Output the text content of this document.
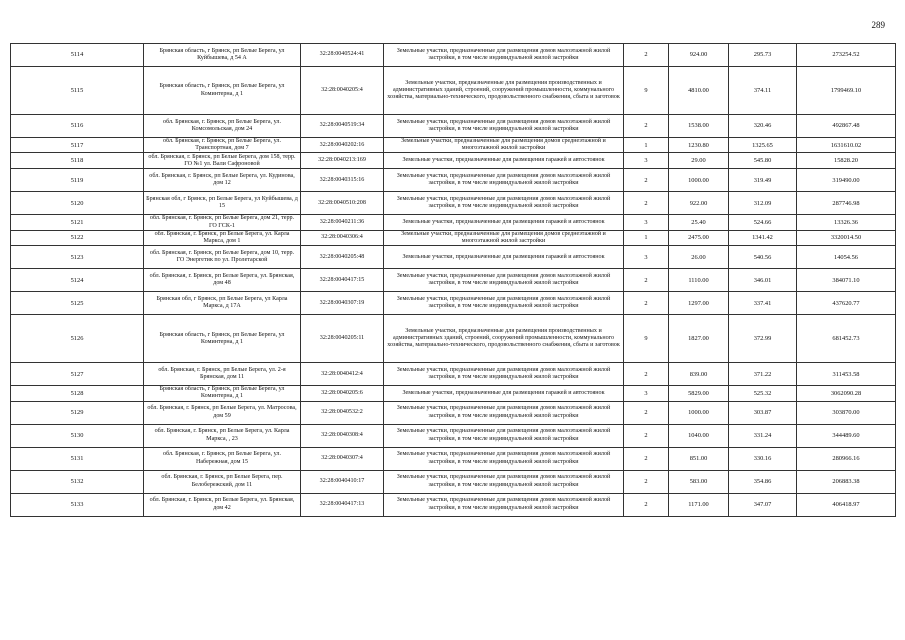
289
5114	Брянская область, г Брянск, рп Белые Берега, ул Куйбышева, д 54 А	32:28:0040524:41	Земельные участки, предназначенные для размещения домов малоэтажной жилой застройки, в том числе индивидуальной жилой застройки	2	924.00	295.73	273254.52
5115	Брянская область, г Брянск, рп Белые Берега, ул Коминтерна, д 1	32:28:0040205:4	Земельные участки, предназначенные для размещения производственных и административных зданий, строений, сооружений промышленности, коммунального хозяйства, материально-технического, продовольственного снабжения, сбыта и заготовок	9	4810.00	374.11	1799469.10
5116	обл. Брянская, г. Брянск, рп Белые Берега, ул. Комсомольская, дом 24	32:28:0040519:34	Земельные участки, предназначенные для размещения домов малоэтажной жилой застройки, в том числе индивидуальной жилой застройки	2	1538.00	320.46	492867.48
5117	обл. Брянская, г. Брянск, рп Белые Берега, ул. Транспортная, дом 7	32:28:0040202:16	Земельные участки, предназначенные для размещения домов среднеэтажной и многоэтажной жилой застройки	1	1230.80	1325.65	1631610.02
5118	обл. Брянская, г. Брянск, рп Белые Берега, дом 158, терр. ГО №1 ул. Вали Сафроновой	32:28:0040213:169	Земельные участки, предназначенные для размещения гаражей и автостоянок	3	29.00	545.80	15828.20
5119	обл. Брянская, г. Брянск, рп Белые Берега, ул. Кудинова, дом 12	32:28:0040315:16	Земельные участки, предназначенные для размещения домов малоэтажной жилой застройки, в том числе индивидуальной жилой застройки	2	1000.00	319.49	319490.00
5120	Брянская обл, г Брянск, рп Белые Берега, ул Куйбышева, д 15	32:28:0040510:208	Земельные участки, предназначенные для размещения домов малоэтажной жилой застройки, в том числе индивидуальной жилой застройки	2	922.00	312.09	287746.98
5121	обл. Брянская, г. Брянск, рп Белые Берега, дом 21, терр. ГО ГСК-1	32:28:0040211:36	Земельные участки, предназначенные для размещения гаражей и автостоянок	3	25.40	524.66	13326.36
5122	обл. Брянская, г. Брянск, рп Белые Берега, ул. Карла Маркса, дом 1	32:28:0040306:4	Земельные участки, предназначенные для размещения домов среднеэтажной и многоэтажной жилой застройки	1	2475.00	1341.42	3320014.50
5123	обл. Брянская, г. Брянск, рп Белые Берега, дом 10, терр. ГО Энергетик по ул. Пролетарской	32:28:0040205:48	Земельные участки, предназначенные для размещения гаражей и автостоянок	3	26.00	540.56	14054.56
5124	обл. Брянская, г. Брянск, рп Белые Берега, ул. Брянская, дом 48	32:28:0040417:15	Земельные участки, предназначенные для размещения домов малоэтажной жилой застройки, в том числе индивидуальной жилой застройки	2	1110.00	346.01	384071.10
5125	Брянская обл, г Брянск, рп Белые Берега, ул Карла Маркса, д 17А	32:28:0040307:19	Земельные участки, предназначенные для размещения домов малоэтажной жилой застройки, в том числе индивидуальной жилой застройки	2	1297.00	337.41	437620.77
5126	Брянская область, г Брянск, рп Белые Берега, ул Коминтерна, д 1	32:28:0040205:11	Земельные участки, предназначенные для размещения производственных и административных зданий, строений, сооружений промышленности, коммунального хозяйства, материально-технического, продовольственного снабжения, сбыта и заготовок	9	1827.00	372.99	681452.73
5127	обл. Брянская, г. Брянск, рп Белые Берега, ул. 2-я Брянская, дом 11	32:28:0040412:4	Земельные участки, предназначенные для размещения домов малоэтажной жилой застройки, в том числе индивидуальной жилой застройки	2	839.00	371.22	311453.58
5128	Брянская область, г Брянск, рп Белые Берега, ул Коминтерна, д 1	32:28:0040205:6	Земельные участки, предназначенные для размещения гаражей и автостоянок	3	5829.00	525.32	3062090.28
5129	обл. Брянская, г. Брянск, рп Белые Берега, ул. Матросова, дом 59	32:28:0040532:2	Земельные участки, предназначенные для размещения домов малоэтажной жилой застройки, в том числе индивидуальной жилой застройки	2	1000.00	303.87	303870.00
5130	обл. Брянская, г. Брянск, рп Белые Берега, ул. Карла Маркса, , 23	32:28:0040308:4	Земельные участки, предназначенные для размещения домов малоэтажной жилой застройки, в том числе индивидуальной жилой застройки	2	1040.00	331.24	344489.60
5131	обл. Брянская, г. Брянск, рп Белые Берега, ул. Набережная, дом 15	32:28:0040307:4	Земельные участки, предназначенные для размещения домов малоэтажной жилой застройки, в том числе индивидуальной жилой застройки	2	851.00	330.16	280966.16
5132	обл. Брянская, г. Брянск, рп Белые Берега, пер. Белобережский, дом 11	32:28:0040410:17	Земельные участки, предназначенные для размещения домов малоэтажной жилой застройки, в том числе индивидуальной жилой застройки	2	583.00	354.86	206883.38
5133	обл. Брянская, г. Брянск, рп Белые Берега, ул. Брянская, дом 42	32:28:0040417:13	Земельные участки, предназначенные для размещения домов малоэтажной жилой застройки, в том числе индивидуальной жилой застройки	2	1171.00	347.07	406418.97
